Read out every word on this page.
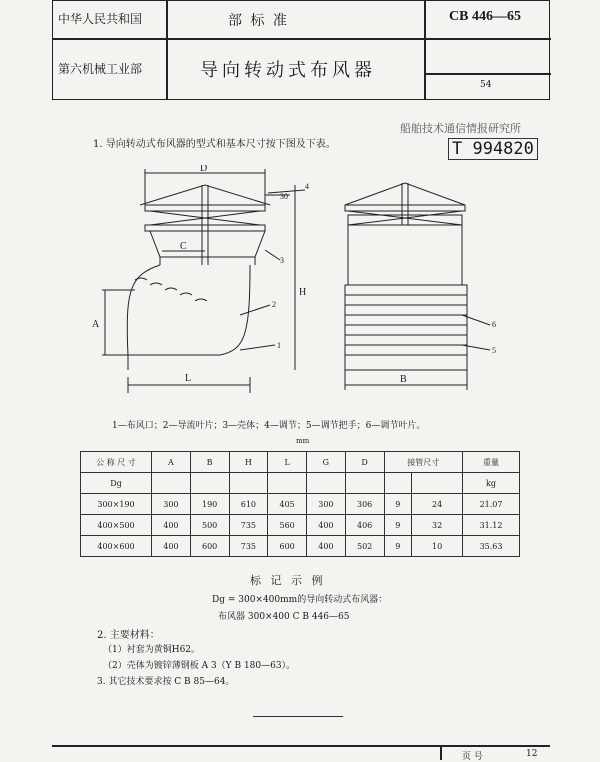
中华人民共和国
第六机械工业部
部 标 准
导向转动式布风器
CB 446—65
54
船舶技术通信情报研究所
T 994820
1. 导向转动式布风器的型式和基本尺寸按下图及下表。
D
30
C
A
H
L	B
4
3
2
1
6
5
1—布风口；2—导流叶片；3—壳体；4—调节；5—调节把手；6—调节叶片。
mm
公 称 尺 寸	A	B	H	L	G	D	接管尺寸		重量
Dg									kg
300×190	300	190	610	405	300	306	9	24	21.07
400×500	400	500	735	560	400	406	9	32	31.12
400×600	400	600	735	600	400	502	9	10	35.63
标 记 示 例
Dg = 300×400mm的导向转动式布风器：
布风器 300×400 C B 446—65
2. 主要材料：
（1）衬套为黄铜H62。
（2）壳体为镀锌薄钢板 A 3（Y B 180—63）。
3. 其它技术要求按 C B 85—64。
页 号	12
